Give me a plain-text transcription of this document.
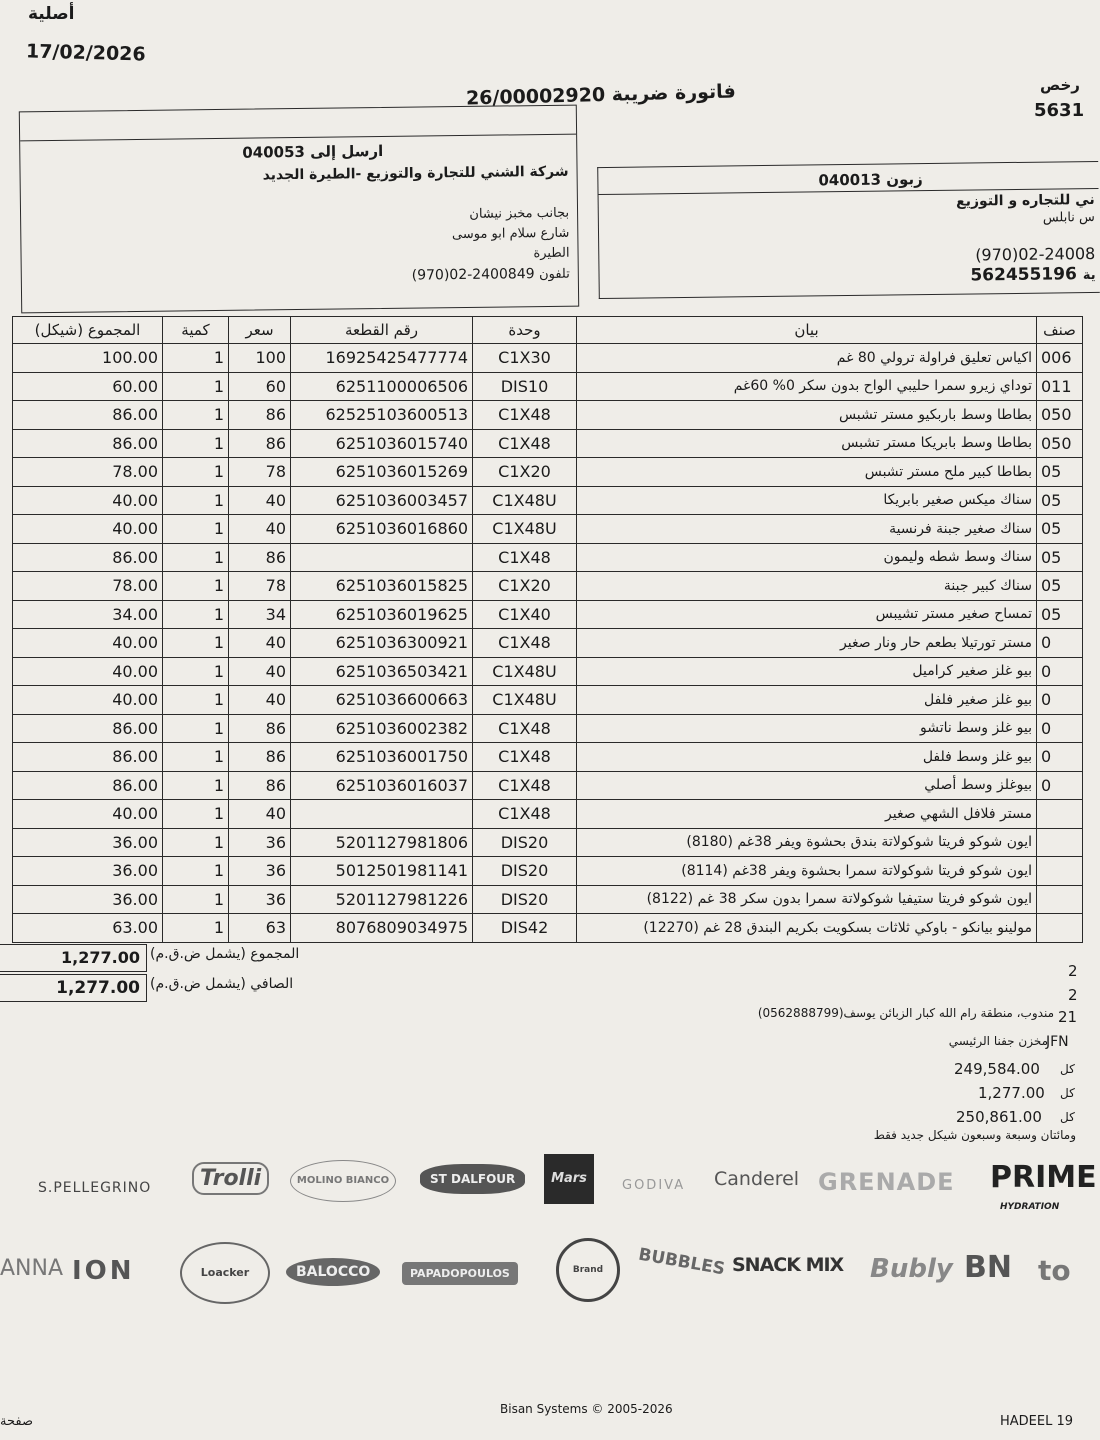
أصلية
17/02/2026
26/00002920 فاتورة ضريبة	رخص
5631
040053 ارسل إلى
شركة الشني للتجارة والتوزيع -الطيرة الجديد
بجانب مخبز نيشان
شارع سلام ابو موسى
الطيرة
(970)02-2400849 تلفون
040013 زبون
ني للتجاره و التوزيع
س نابلس
(970)02-24008
562455196 ية
المجموع (شيكل)	كمية	سعر	رقم القطعة	وحدة	بيان	صنف
100.00	1	100	16925425477774	C1X30	اكياس تعليق فراولة ترولي 80 غم	006
60.00	1	60	6251100006506	DIS10	توداي زيرو سمرا حليبي الواح بدون سكر 0% 60غم	011
86.00	1	86	62525103600513	C1X48	بطاطا وسط باربكيو مستر تشبس	050
86.00	1	86	6251036015740	C1X48	بطاطا وسط بابريكا مستر تشبس	050
78.00	1	78	6251036015269	C1X20	بطاطا كبير ملح مستر تشبس	05
40.00	1	40	6251036003457	C1X48U	سناك ميكس صغير بابريكا	05
40.00	1	40	6251036016860	C1X48U	سناك صغير جبنة فرنسية	05
86.00	1	86		C1X48	سناك وسط شطه وليمون	05
78.00	1	78	6251036015825	C1X20	سناك كبير جبنة	05
34.00	1	34	6251036019625	C1X40	تمساح صغير مستر تشيبس	05
40.00	1	40	6251036300921	C1X48	مستر تورتيلا بطعم حار ونار صغير	0
40.00	1	40	6251036503421	C1X48U	بيو غلز صغير كراميل	0
40.00	1	40	6251036600663	C1X48U	بيو غلز صغير فلفل	0
86.00	1	86	6251036002382	C1X48	بيو غلز وسط ناتشو	0
86.00	1	86	6251036001750	C1X48	بيو غلز وسط فلفل	0
86.00	1	86	6251036016037	C1X48	بيوغلز وسط أصلي	0
40.00	1	40		C1X48	مستر فلافل الشهي صغير	
36.00	1	36	5201127981806	DIS20	ايون شوكو فريتا شوكولاتة بندق بحشوة ويفر 38غم (8180)	
36.00	1	36	5012501981141	DIS20	ايون شوكو فريتا شوكولاتة سمرا بحشوة ويفر 38غم (8114)	
36.00	1	36	5201127981226	DIS20	ايون شوكو فريتا ستيفيا شوكولاتة سمرا بدون سكر 38 غم (8122)	
63.00	1	63	8076809034975	DIS42	مولينو بيانكو - باوكي ثلاثات بسكويت بكريم البندق 28 غم (12270)	
1,277.00 المجموع (يشمل ض.ق.م)
1,277.00 الصافي (يشمل ض.ق.م)
2
2
مندوب، منطقة رام الله كبار الزبائن يوسف(0562888799) 21
مخزن جفنا الرئيسي
JFN
249,584.00 كل
1,277.00 كل
250,861.00 كل
ومائتان وسبعة وسبعون شيكل جديد فقط
S.PELLEGRINO	Trolli	MOLINO BIANCO	ST DALFOUR	Mars	GODIVA Canderel GRENADE PRIME
HYDRATION
ANNA ION	Loacker	BALOCCO	PAPADOPOULOS	Brand	BUBBLES SNACK MIX Bubly BN to
Bisan Systems © 2005-2026
HADEEL 19
صفحة
